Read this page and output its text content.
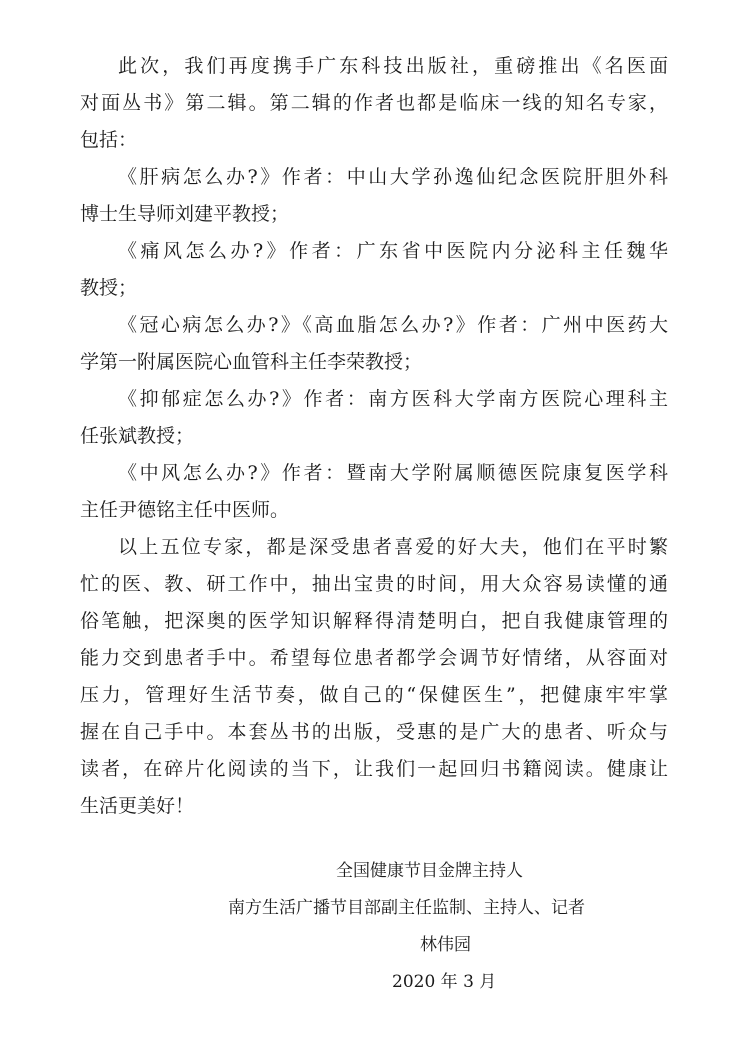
此次，我们再度携手广东科技出版社，重磅推出《名医面
对面丛书》第二辑。第二辑的作者也都是临床一线的知名专家，
包括：
《肝病怎么办?》作者：中山大学孙逸仙纪念医院肝胆外科
博士生导师刘建平教授；
《痛风怎么办?》作者：广东省中医院内分泌科主任魏华
教授；
《冠心病怎么办?》《高血脂怎么办?》作者：广州中医药大
学第一附属医院心血管科主任李荣教授；
《抑郁症怎么办?》作者：南方医科大学南方医院心理科主
任张斌教授；
《中风怎么办?》作者：暨南大学附属顺德医院康复医学科
主任尹德铭主任中医师。
以上五位专家，都是深受患者喜爱的好大夫，他们在平时繁
忙的医、教、研工作中，抽出宝贵的时间，用大众容易读懂的通
俗笔触，把深奥的医学知识解释得清楚明白，把自我健康管理的
能力交到患者手中。希望每位患者都学会调节好情绪，从容面对
压力，管理好生活节奏，做自己的“保健医生”，把健康牢牢掌
握在自己手中。本套丛书的出版，受惠的是广大的患者、听众与
读者，在碎片化阅读的当下，让我们一起回归书籍阅读。健康让
生活更美好！
全国健康节目金牌主持人
南方生活广播节目部副主任监制、主持人、记者
林伟园
2020 年 3 月
